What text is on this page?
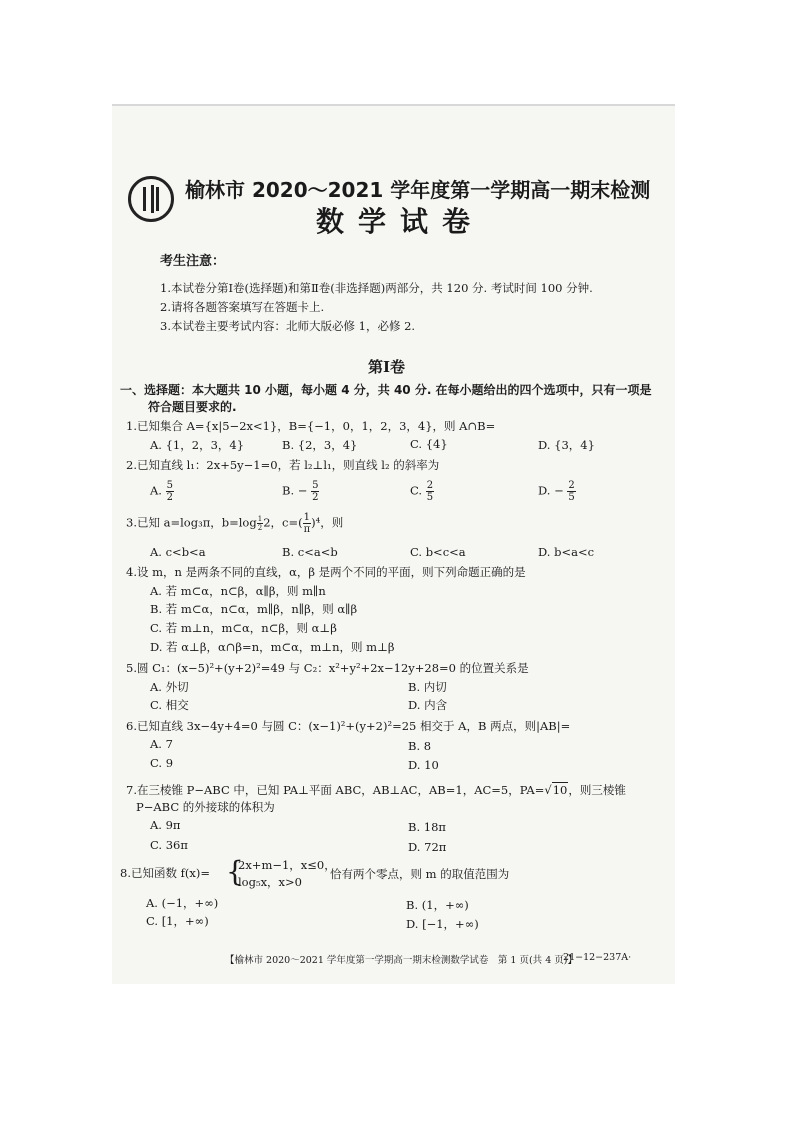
榆林市 2020～2021 学年度第一学期高一期末检测
数学试卷
考生注意：
1.本试卷分第Ⅰ卷(选择题)和第Ⅱ卷(非选择题)两部分，共 120 分. 考试时间 100 分钟.
2.请将各题答案填写在答题卡上.
3.本试卷主要考试内容：北师大版必修 1，必修 2.
第Ⅰ卷
一、选择题：本大题共 10 小题，每小题 4 分，共 40 分. 在每小题给出的四个选项中，只有一项是
符合题目要求的.
1.已知集合 A={x|5−2x<1}，B={−1，0，1，2，3，4}，则 A∩B=
A. {1，2，3，4}	B. {2，3，4}	C. {4}	D. {3，4}
2.已知直线 l₁：2x+5y−1=0，若 l₂⊥l₁，则直线 l₂ 的斜率为
A. $\frac{5}{2}$	B. − $\frac{5}{2}$	C. $\frac{2}{5}$	D. − $\frac{2}{5}$
3.已知 a=log₃π，$b=\log \frac{1}{2} 2$，$c=( \frac{1}{\pi} )^4$，则
A. c<b<a	B. c<a<b	C. b<c<a	D. b<a<c
4.设 m，n 是两条不同的直线，α，β 是两个不同的平面，则下列命题正确的是
A. 若 m⊂α，n⊂β，α∥β，则 m∥n
B. 若 m⊂α，n⊂α，m∥β，n∥β，则 α∥β
C. 若 m⊥n，m⊂α，n⊂β，则 α⊥β
D. 若 α⊥β，α∩β=n，m⊂α，m⊥n，则 m⊥β
5.圆 C₁：(x−5)²+(y+2)²=49 与 C₂：x²+y²+2x−12y+28=0 的位置关系是
A. 外切	B. 内切
C. 相交	D. 内含
6.已知直线 3x−4y+4=0 与圆 C：(x−1)²+(y+2)²=25 相交于 A，B 两点，则|AB|=
A. 7	B. 8
C. 9	D. 10
7.在三棱锥 P−ABC 中，已知 PA⊥平面 ABC，AB⊥AC，AB=1，AC=5，PA=√10，则三棱锥
P−ABC 的外接球的体积为
A. 9π	B. 18π
C. 36π	D. 72π
8.已知函数 f(x)= {
2x+m−1，x≤0，
log₅x，x>0
恰有两个零点，则 m 的取值范围为
A. (−1，+∞)	B. (1，+∞)
C. [1，+∞)	D. [−1，+∞)
【榆林市 2020～2021 学年度第一学期高一期末检测数学试卷　第 1 页(共 4 页)】
·21−12−237A·
